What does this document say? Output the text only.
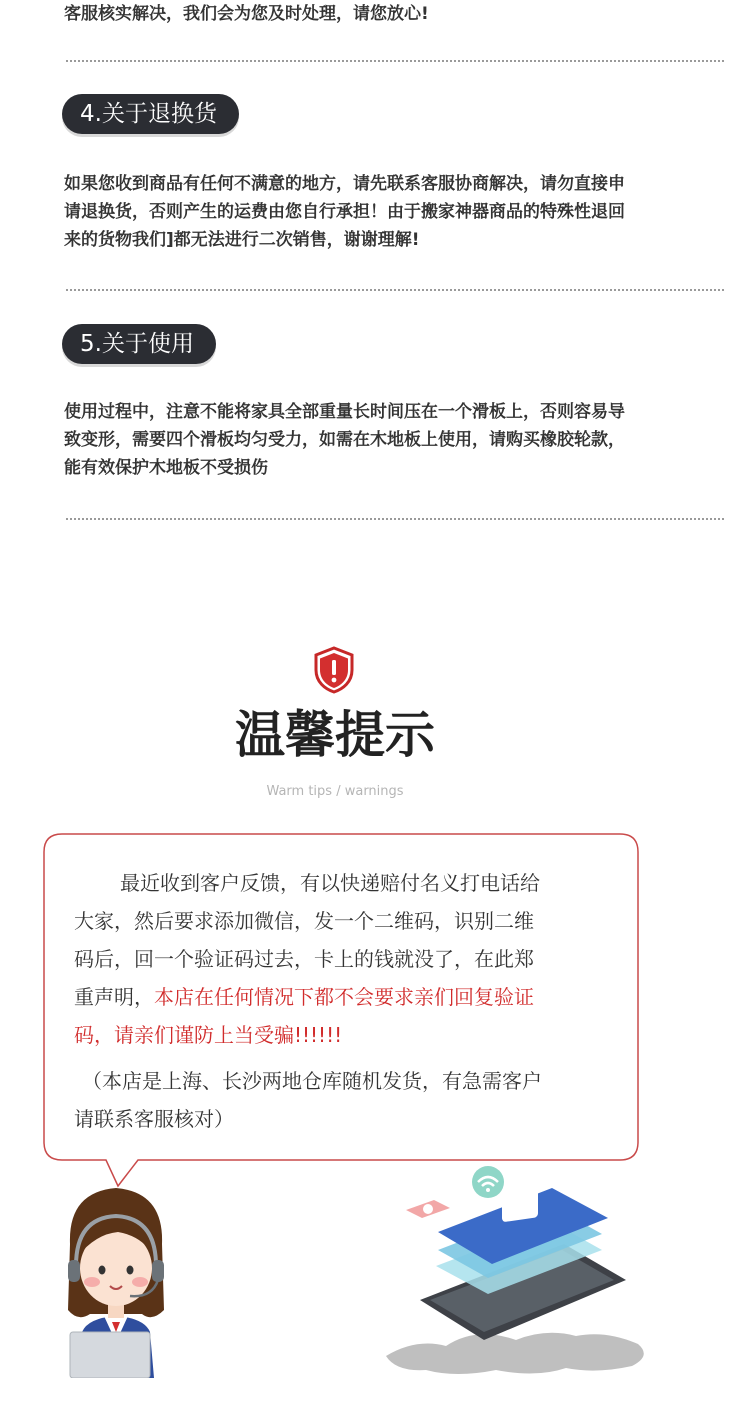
客服核实解决，我们会为您及时处理，请您放心!
4.关于退换货
如果您收到商品有任何不满意的地方，请先联系客服协商解决，请勿直接申
请退换货，否则产生的运费由您自行承担！由于搬家神器商品的特殊性退回
来的货物我们]都无法进行二次销售，谢谢理解!
5.关于使用
使用过程中，注意不能将家具全部重量长时间压在一个滑板上，否则容易导
致变形，需要四个滑板均匀受力，如需在木地板上使用，请购买橡胶轮款，
能有效保护木地板不受损伤
温馨提示
Warm tips / warnings
最近收到客户反馈，有以快递赔付名义打电话给
大家，然后要求添加微信，发一个二维码，识别二维
码后，回一个验证码过去，卡上的钱就没了，在此郑
重声明，本店在任何情况下都不会要求亲们回复验证
码，请亲们谨防上当受骗!!!!!!
（本店是上海、长沙两地仓库随机发货，有急需客户
请联系客服核对）
